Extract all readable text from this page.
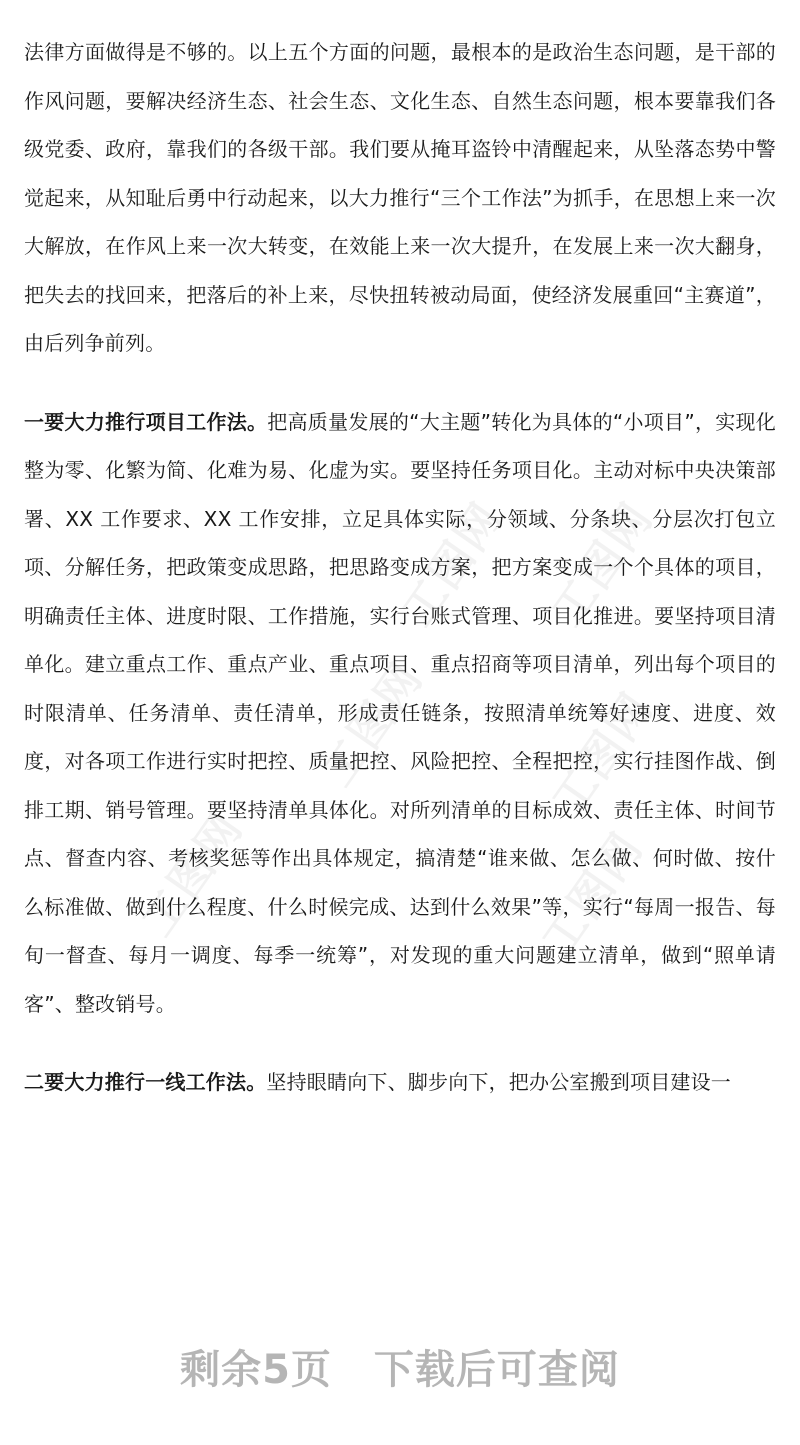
工图网 工图网
工图网 工图网
工图网	工图网

法律方面做得是不够的。以上五个方面的问题，最根本的是政治生态问题，是干部的作风问题，要解决经济生态、社会生态、文化生态、自然生态问题，根本要靠我们各级党委、政府，靠我们的各级干部。我们要从掩耳盗铃中清醒起来，从坠落态势中警觉起来，从知耻后勇中行动起来，以大力推行“三个工作法”为抓手，在思想上来一次大解放，在作风上来一次大转变，在效能上来一次大提升，在发展上来一次大翻身，把失去的找回来，把落后的补上来，尽快扭转被动局面，使经济发展重回“主赛道”，由后列争前列。

一要大力推行项目工作法。把高质量发展的“大主题”转化为具体的“小项目”，实现化整为零、化繁为简、化难为易、化虚为实。要坚持任务项目化。主动对标中央决策部署、XX 工作要求、XX 工作安排，立足具体实际，分领域、分条块、分层次打包立项、分解任务，把政策变成思路，把思路变成方案，把方案变成一个个具体的项目，明确责任主体、进度时限、工作措施，实行台账式管理、项目化推进。要坚持项目清单化。建立重点工作、重点产业、重点项目、重点招商等项目清单，列出每个项目的时限清单、任务清单、责任清单，形成责任链条，按照清单统筹好速度、进度、效度，对各项工作进行实时把控、质量把控、风险把控、全程把控，实行挂图作战、倒排工期、销号管理。要坚持清单具体化。对所列清单的目标成效、责任主体、时间节点、督查内容、考核奖惩等作出具体规定，搞清楚“谁来做、怎么做、何时做、按什么标准做、做到什么程度、什么时候完成、达到什么效果”等，实行“每周一报告、每旬一督查、每月一调度、每季一统筹”，对发现的重大问题建立清单，做到“照单请客”、整改销号。

二要大力推行一线工作法。坚持眼睛向下、脚步向下，把办公室搬到项目建设一

剩余5页 下载后可查阅
